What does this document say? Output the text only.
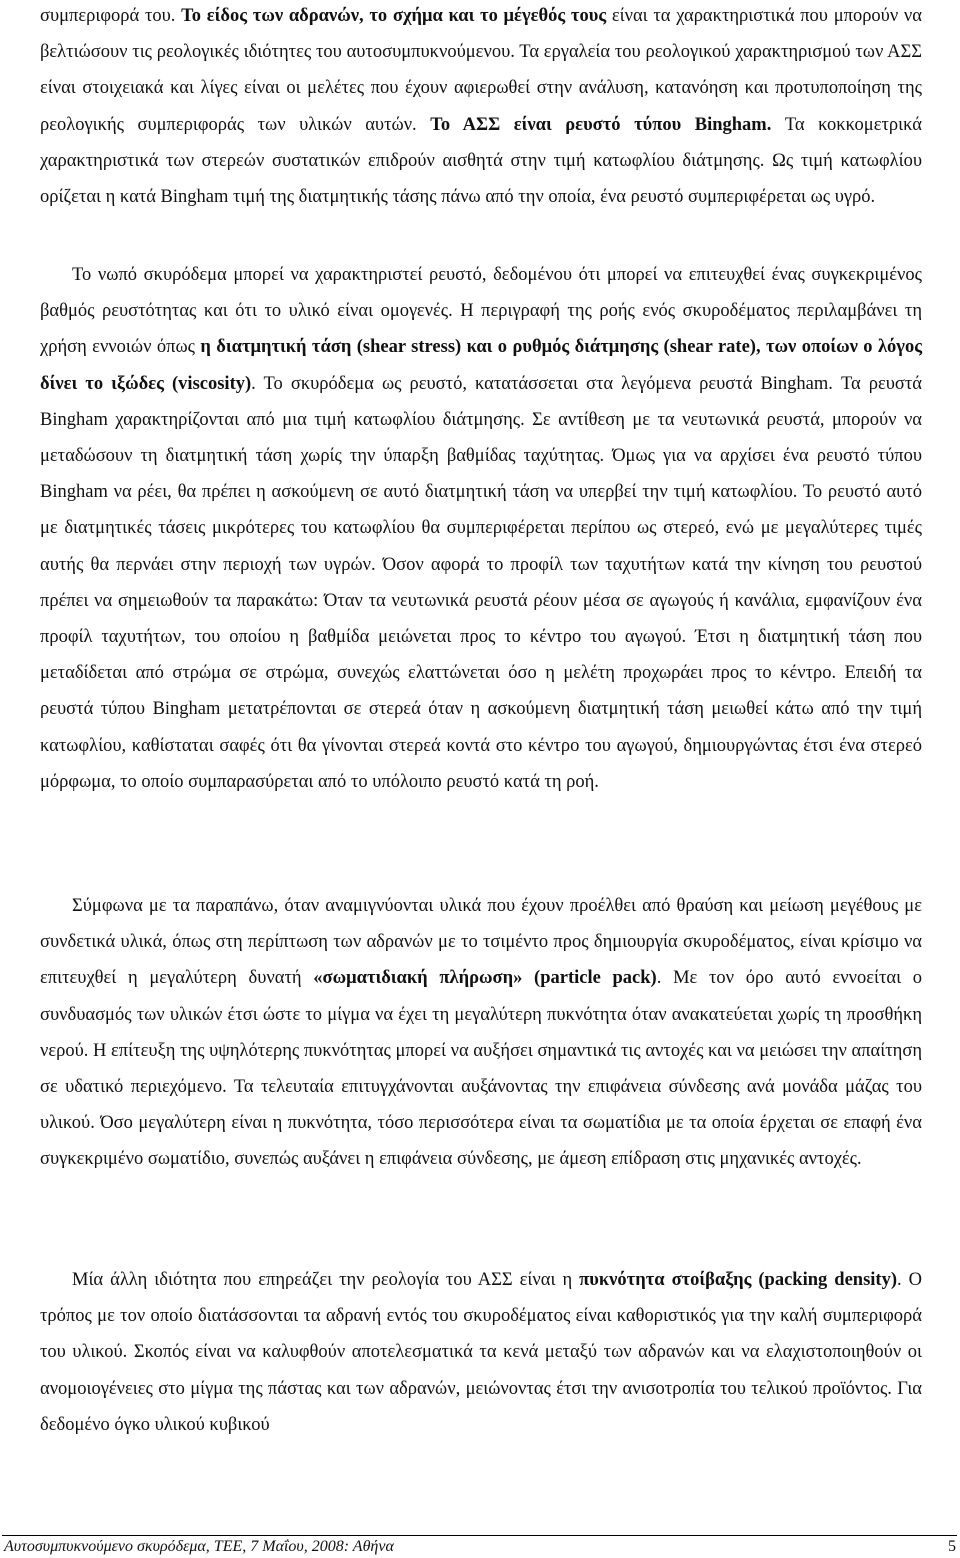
συμπεριφορά του. Το είδος των αδρανών, το σχήμα και το μέγεθός τους είναι τα χαρακτηριστικά που μπορούν να βελτιώσουν τις ρεολογικές ιδιότητες του αυτοσυμπυκνούμενου. Τα εργαλεία του ρεολογικού χαρακτηρισμού των ΑΣΣ είναι στοιχειακά και λίγες είναι οι μελέτες που έχουν αφιερωθεί στην ανάλυση, κατανόηση και προτυποποίηση της ρεολογικής συμπεριφοράς των υλικών αυτών. Το ΑΣΣ είναι ρευστό τύπου Bingham. Τα κοκκομετρικά χαρακτηριστικά των στερεών συστατικών επιδρούν αισθητά στην τιμή κατωφλίου διάτμησης. Ως τιμή κατωφλίου ορίζεται η κατά Bingham τιμή της διατμητικής τάσης πάνω από την οποία, ένα ρευστό συμπεριφέρεται ως υγρό.

Το νωπό σκυρόδεμα μπορεί να χαρακτηριστεί ρευστό, δεδομένου ότι μπορεί να επιτευχθεί ένας συγκεκριμένος βαθμός ρευστότητας και ότι το υλικό είναι ομογενές. Η περιγραφή της ροής ενός σκυροδέματος περιλαμβάνει τη χρήση εννοιών όπως η διατμητική τάση (shear stress) και ο ρυθμός διάτμησης (shear rate), των οποίων ο λόγος δίνει το ιξώδες (viscosity). Το σκυρόδεμα ως ρευστό, κατατάσσεται στα λεγόμενα ρευστά Bingham. Τα ρευστά Bingham χαρακτηρίζονται από μια τιμή κατωφλίου διάτμησης. Σε αντίθεση με τα νευτωνικά ρευστά, μπορούν να μεταδώσουν τη διατμητική τάση χωρίς την ύπαρξη βαθμίδας ταχύτητας. Όμως για να αρχίσει ένα ρευστό τύπου Bingham να ρέει, θα πρέπει η ασκούμενη σε αυτό διατμητική τάση να υπερβεί την τιμή κατωφλίου. Το ρευστό αυτό με διατμητικές τάσεις μικρότερες του κατωφλίου θα συμπεριφέρεται περίπου ως στερεό, ενώ με μεγαλύτερες τιμές αυτής θα περνάει στην περιοχή των υγρών. Όσον αφορά το προφίλ των ταχυτήτων κατά την κίνηση του ρευστού πρέπει να σημειωθούν τα παρακάτω: Όταν τα νευτωνικά ρευστά ρέουν μέσα σε αγωγούς ή κανάλια, εμφανίζουν ένα προφίλ ταχυτήτων, του οποίου η βαθμίδα μειώνεται προς το κέντρο του αγωγού. Έτσι η διατμητική τάση που μεταδίδεται από στρώμα σε στρώμα, συνεχώς ελαττώνεται όσο η μελέτη προχωράει προς το κέντρο. Επειδή τα ρευστά τύπου Bingham μετατρέπονται σε στερεά όταν η ασκούμενη διατμητική τάση μειωθεί κάτω από την τιμή κατωφλίου, καθίσταται σαφές ότι θα γίνονται στερεά κοντά στο κέντρο του αγωγού, δημιουργώντας έτσι ένα στερεό μόρφωμα, το οποίο συμπαρασύρεται από το υπόλοιπο ρευστό κατά τη ροή.

Σύμφωνα με τα παραπάνω, όταν αναμιγνύονται υλικά που έχουν προέλθει από θραύση και μείωση μεγέθους με συνδετικά υλικά, όπως στη περίπτωση των αδρανών με το τσιμέντο προς δημιουργία σκυροδέματος, είναι κρίσιμο να επιτευχθεί η μεγαλύτερη δυνατή «σωματιδιακή πλήρωση» (particle pack). Με τον όρο αυτό εννοείται ο συνδυασμός των υλικών έτσι ώστε το μίγμα να έχει τη μεγαλύτερη πυκνότητα όταν ανακατεύεται χωρίς τη προσθήκη νερού. Η επίτευξη της υψηλότερης πυκνότητας μπορεί να αυξήσει σημαντικά τις αντοχές και να μειώσει την απαίτηση σε υδατικό περιεχόμενο. Τα τελευταία επιτυγχάνονται αυξάνοντας την επιφάνεια σύνδεσης ανά μονάδα μάζας του υλικού. Όσο μεγαλύτερη είναι η πυκνότητα, τόσο περισσότερα είναι τα σωματίδια με τα οποία έρχεται σε επαφή ένα συγκεκριμένο σωματίδιο, συνεπώς αυξάνει η επιφάνεια σύνδεσης, με άμεση επίδραση στις μηχανικές αντοχές.

Μία άλλη ιδιότητα που επηρεάζει την ρεολογία του ΑΣΣ είναι η πυκνότητα στοίβαξης (packing density). Ο τρόπος με τον οποίο διατάσσονται τα αδρανή εντός του σκυροδέματος είναι καθοριστικός για την καλή συμπεριφορά του υλικού. Σκοπός είναι να καλυφθούν αποτελεσματικά τα κενά μεταξύ των αδρανών και να ελαχιστοποιηθούν οι ανομοιογένειες στο μίγμα της πάστας και των αδρανών, μειώνοντας έτσι την ανισοτροπία του τελικού προϊόντος. Για δεδομένο όγκο υλικού κυβικού

Αυτοσυμπυκνούμενο σκυρόδεμα, ΤΕΕ, 7 Μαΐου, 2008: Αθήνα	5
